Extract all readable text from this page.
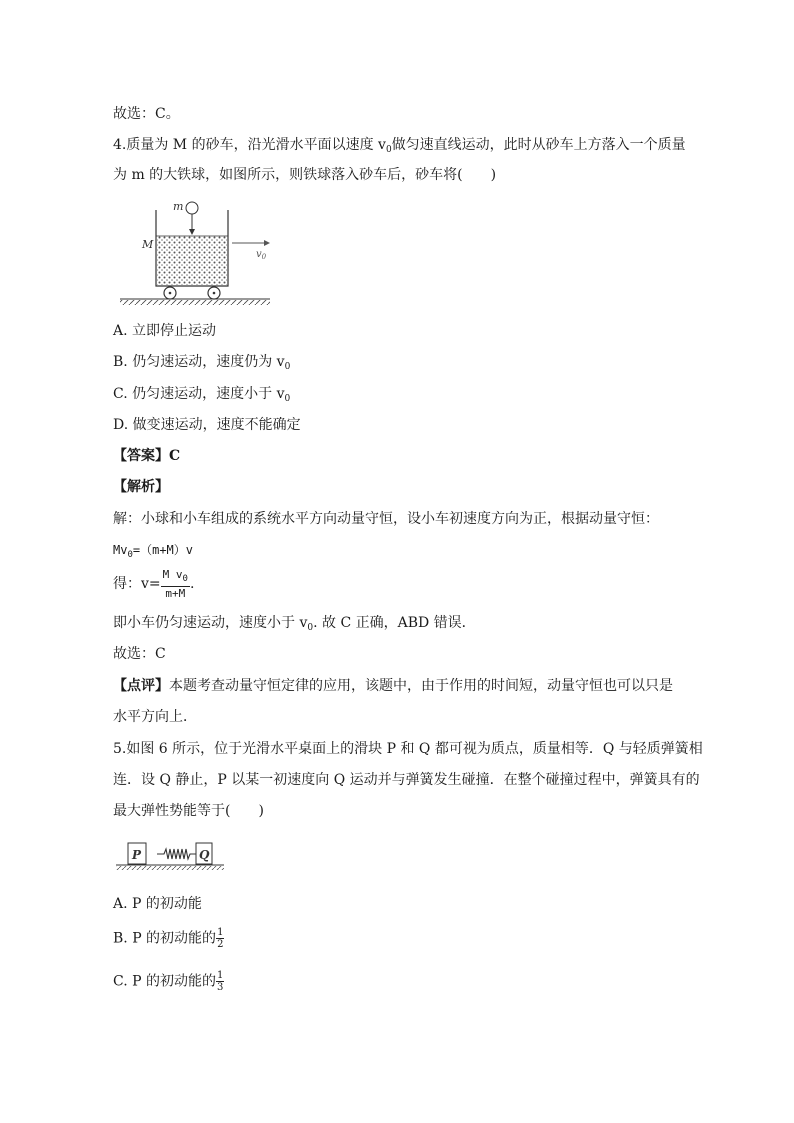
故选：C。
4.质量为 M 的砂车，沿光滑水平面以速度 $v_0$做匀速直线运动，此时从砂车上方落入一个质量
为 m 的大铁球，如图所示，则铁球落入砂车后，砂车将(　　)
m
M
$v_0$
A. 立即停止运动
B. 仍匀速运动，速度仍为 $v_0$
C. 仍匀速运动，速度小于 $v_0$
D. 做变速运动，速度不能确定
【答案】C
【解析】
解：小球和小车组成的系统水平方向动量守恒，设小车初速度方向为正，根据动量守恒：
$Mv_0=(m+M)v$
得：$v= \frac{M v_0}{m+M}$ .
即小车仍匀速运动，速度小于 $v_0$. 故 C 正确，ABD 错误．
故选：C
【点评】本题考查动量守恒定律的应用，该题中，由于作用的时间短，动量守恒也可以只是
水平方向上．
5.如图 6 所示，位于光滑水平桌面上的滑块 P 和 Q 都可视为质点，质量相等．Q 与轻质弹簧相
连．设 Q 静止，P 以某一初速度向 Q 运动并与弹簧发生碰撞．在整个碰撞过程中，弹簧具有的
最大弹性势能等于(　　)
P	Q
A. P 的初动能
B. P 的初动能的 $\frac{1}{2}$
C. P 的初动能的 $\frac{1}{3}$
